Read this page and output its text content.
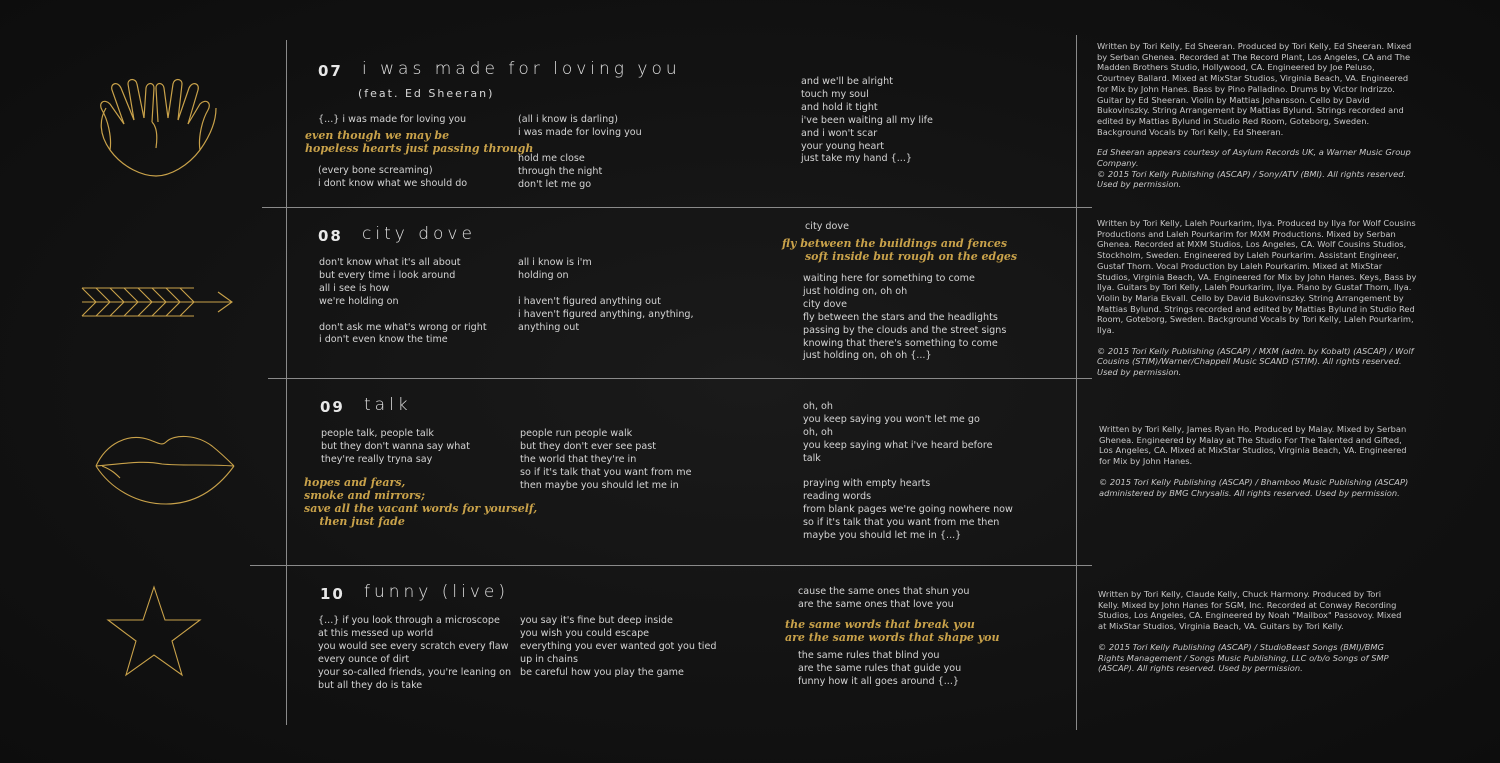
07 i was made for loving you
(feat. Ed Sheeran)
{...} i was made for loving you
even though we may be
hopeless hearts just passing through
(every bone screaming)
i dont know what we should do
(all i know is darling)
i was made for loving you

hold me close
through the night
don't let me go
and we'll be alright
touch my soul
and hold it tight
i've been waiting all my life
and i won't scar
your young heart
just take my hand {...}

Written by Tori Kelly, Ed Sheeran. Produced by Tori Kelly, Ed Sheeran. Mixed by Serban Ghenea. Recorded at The Record Plant, Los Angeles, CA and The Madden Brothers Studio, Hollywood, CA. Engineered by Joe Peluso, Courtney Ballard. Mixed at MixStar Studios, Virginia Beach, VA. Engineered for Mix by John Hanes. Bass by Pino Palladino. Drums by Victor Indrizzo. Guitar by Ed Sheeran. Violin by Mattias Johansson. Cello by David Bukovinszky. String Arrangement by Mattias Bylund. Strings recorded and edited by Mattias Bylund in Studio Red Room, Goteborg, Sweden. Background Vocals by Tori Kelly, Ed Sheeran.

Ed Sheeran appears courtesy of Asylum Records UK, a Warner Music Group Company.
© 2015 Tori Kelly Publishing (ASCAP) / Sony/ATV (BMI). All rights reserved. Used by permission.

08 city dove
don't know what it's all about
but every time i look around
all i see is how
we're holding on

don't ask me what's wrong or right
i don't even know the time
all i know is i'm
holding on

i haven't figured anything out
i haven't figured anything, anything,
anything out
city dove
fly between the buildings and fences
soft inside but rough on the edges
waiting here for something to come
just holding on, oh oh
city dove
fly between the stars and the headlights
passing by the clouds and the street signs
knowing that there's something to come
just holding on, oh oh {...}

Written by Tori Kelly, Laleh Pourkarim, Ilya. Produced by Ilya for Wolf Cousins Productions and Laleh Pourkarim for MXM Productions. Mixed by Serban Ghenea. Recorded at MXM Studios, Los Angeles, CA. Wolf Cousins Studios, Stockholm, Sweden. Engineered by Laleh Pourkarim. Assistant Engineer, Gustaf Thorn. Vocal Production by Laleh Pourkarim. Mixed at MixStar Studios, Virginia Beach, VA. Engineered for Mix by John Hanes. Keys, Bass by Ilya. Guitars by Tori Kelly, Laleh Pourkarim, Ilya. Piano by Gustaf Thorn, Ilya. Violin by Maria Ekvall. Cello by David Bukovinszky. String Arrangement by Mattias Bylund. Strings recorded and edited by Mattias Bylund in Studio Red Room, Goteborg, Sweden. Background Vocals by Tori Kelly, Laleh Pourkarim, Ilya.

© 2015 Tori Kelly Publishing (ASCAP) / MXM (adm. by Kobalt) (ASCAP) / Wolf Cousins (STIM)/Warner/Chappell Music SCAND (STIM). All rights reserved. Used by permission.

09 talk
people talk, people talk
but they don't wanna say what
they're really tryna say
hopes and fears,
smoke and mirrors;
save all the vacant words for yourself,
then just fade
people run people walk
but they don't ever see past
the world that they're in
so if it's talk that you want from me
then maybe you should let me in
oh, oh
you keep saying you won't let me go
oh, oh
you keep saying what i've heard before
talk

praying with empty hearts
reading words
from blank pages we're going nowhere now
so if it's talk that you want from me then
maybe you should let me in {...}

Written by Tori Kelly, James Ryan Ho. Produced by Malay. Mixed by Serban Ghenea. Engineered by Malay at The Studio For The Talented and Gifted, Los Angeles, CA. Mixed at MixStar Studios, Virginia Beach, VA. Engineered for Mix by John Hanes.

© 2015 Tori Kelly Publishing (ASCAP) / Bhamboo Music Publishing (ASCAP) administered by BMG Chrysalis. All rights reserved. Used by permission.

10 funny (live)
{...} if you look through a microscope
at this messed up world
you would see every scratch every flaw
every ounce of dirt
your so-called friends, you're leaning on
but all they do is take
you say it's fine but deep inside
you wish you could escape
everything you ever wanted got you tied
up in chains
be careful how you play the game
cause the same ones that shun you
are the same ones that love you
the same words that break you
are the same words that shape you
the same rules that blind you
are the same rules that guide you
funny how it all goes around {...}

Written by Tori Kelly, Claude Kelly, Chuck Harmony. Produced by Tori Kelly. Mixed by John Hanes for SGM, Inc. Recorded at Conway Recording Studios, Los Angeles, CA. Engineered by Noah "Mailbox" Passovoy. Mixed at MixStar Studios, Virginia Beach, VA. Guitars by Tori Kelly.

© 2015 Tori Kelly Publishing (ASCAP) / StudioBeast Songs (BMI)/BMG Rights Management / Songs Music Publishing, LLC o/b/o Songs of SMP (ASCAP). All rights reserved. Used by permission.
